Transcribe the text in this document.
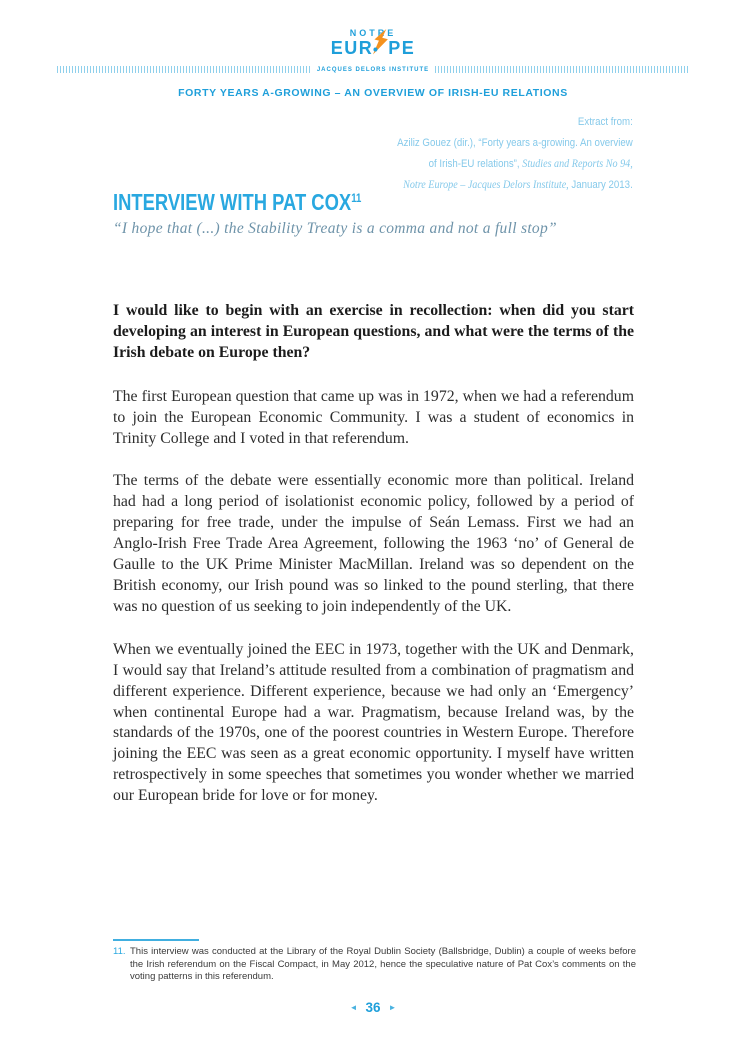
NOTRE
EUR PE
JACQUES DELORS INSTITUTE
FORTY YEARS A-GROWING – AN OVERVIEW OF IRISH-EU RELATIONS
Extract from:
Aziliz Gouez (dir.), “Forty years a-growing. An overview
of Irish-EU relations”, Studies and Reports No 94,
Notre Europe – Jacques Delors Institute, January 2013.
INTERVIEW WITH PAT COX$^{11}$
“I hope that (...) the Stability Treaty is a comma and not a full stop”

I would like to begin with an exercise in recollection: when did you start developing an interest in European questions, and what were the terms of the Irish debate on Europe then?

The first European question that came up was in 1972, when we had a referendum to join the European Economic Community. I was a student of economics in Trinity College and I voted in that referendum.

The terms of the debate were essentially economic more than political. Ireland had had a long period of isolationist economic policy, followed by a period of preparing for free trade, under the impulse of Seán Lemass. First we had an Anglo-Irish Free Trade Area Agreement, following the 1963 ‘no’ of General de Gaulle to the UK Prime Minister MacMillan. Ireland was so dependent on the British economy, our Irish pound was so linked to the pound sterling, that there was no question of us seeking to join independently of the UK.

When we eventually joined the EEC in 1973, together with the UK and Denmark, I would say that Ireland’s attitude resulted from a combination of pragmatism and different experience. Different experience, because we had only an ‘Emergency’ when continental Europe had a war. Pragmatism, because Ireland was, by the standards of the 1970s, one of the poorest countries in Western Europe. Therefore joining the EEC was seen as a great economic opportunity. I myself have written retrospectively in some speeches that sometimes you wonder whether we married our European bride for love or for money.

11. This interview was conducted at the Library of the Royal Dublin Society (Ballsbridge, Dublin) a couple of weeks before the Irish referendum on the Fiscal Compact, in May 2012, hence the speculative nature of Pat Cox’s comments on the voting patterns in this referendum.
◄ 36 ►
